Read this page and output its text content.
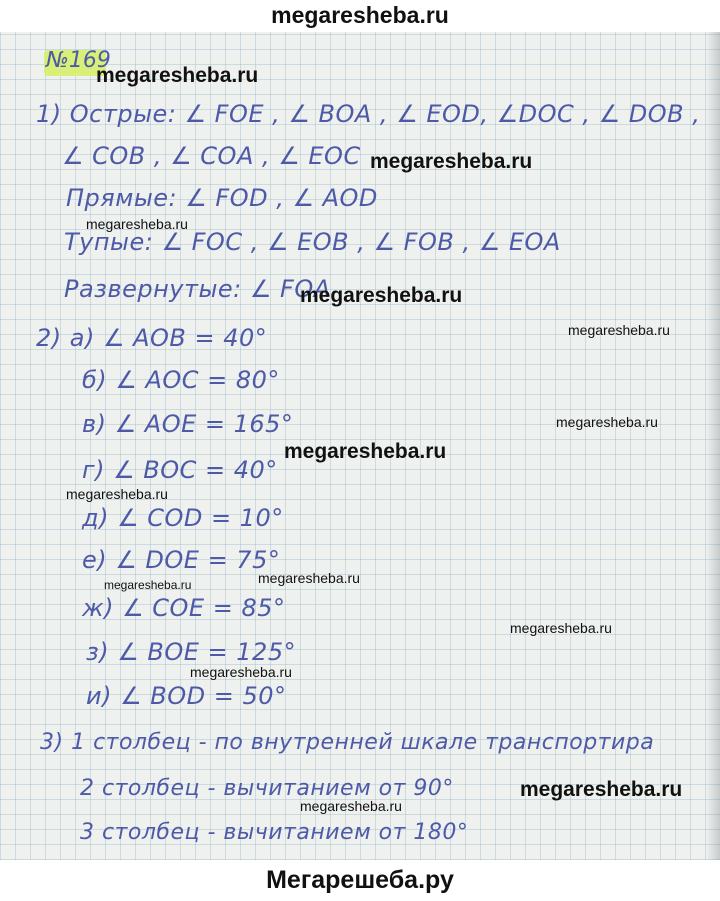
megaresheba.ru
№169
1) Острые: ∠ FOE , ∠ BOA , ∠ EOD, ∠DOC , ∠ DOB ,
∠ COB , ∠ COA , ∠ EOC
Прямые: ∠ FOD , ∠ AOD
Тупые: ∠ FOC , ∠ EOB , ∠ FOB , ∠ EOA
Развернутые: ∠ FOA
2) а) ∠ AOB = 40°
б) ∠ AOC = 80°
в) ∠ AOE = 165°
г) ∠ BOC = 40°
д) ∠ COD = 10°
е) ∠ DOE = 75°
ж) ∠ COE = 85°
з) ∠ BOE = 125°
и) ∠ BOD = 50°
3) 1 столбец - по внутренней шкале транспортира
2 столбец - вычитанием от 90°
3 столбец - вычитанием от 180°
megaresheba.ru
megaresheba.ru
megaresheba.ru
megaresheba.ru
megaresheba.ru
megaresheba.ru
megaresheba.ru
megaresheba.ru
megaresheba.ru
megaresheba.ru
megaresheba.ru
megaresheba.ru
megaresheba.ru
megaresheba.ru
Мегарешеба.ру
